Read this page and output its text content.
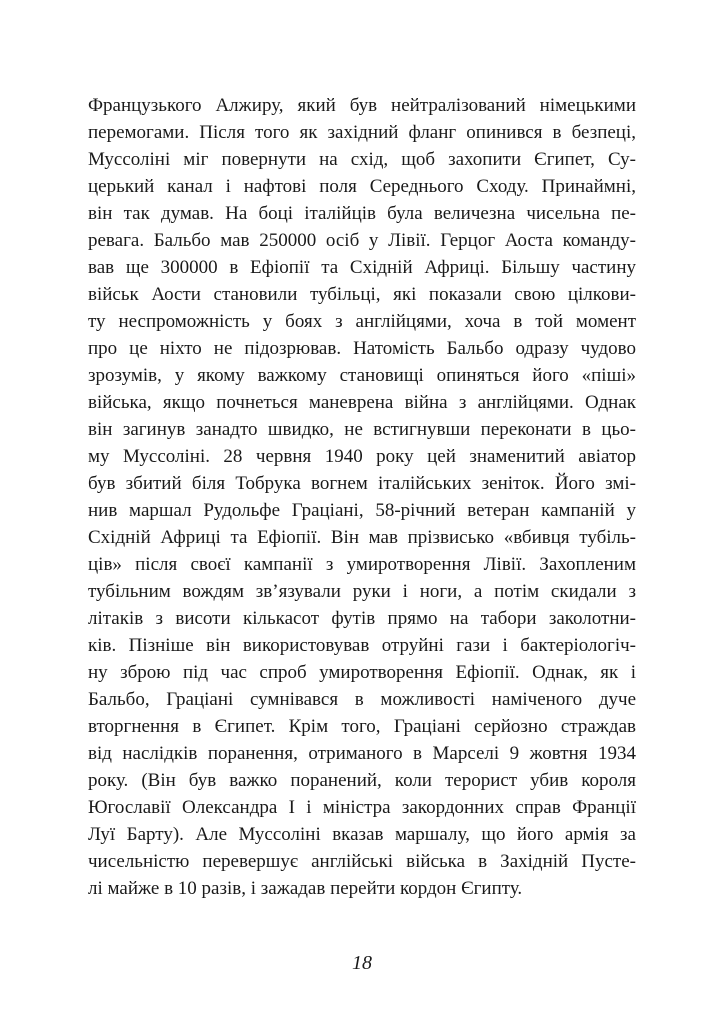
Французького Алжиру, який був нейтралізований німецькими
перемогами. Після того як західний фланг опинився в безпеці,
Муссоліні міг повернути на схід, щоб захопити Єгипет, Су-
церький канал і нафтові поля Середнього Сходу. Принаймні,
він так думав. На боці італійців була величезна чисельна пе-
ревага. Бальбо мав 250000 осіб у Лівії. Герцог Аоста команду-
вав ще 300000 в Ефіопії та Східній Африці. Більшу частину
військ Аости становили тубільці, які показали свою цілкови-
ту неспроможність у боях з англійцями, хоча в той момент
про це ніхто не підозрював. Натомість Бальбо одразу чудово
зрозумів, у якому важкому становищі опиняться його «піші»
війська, якщо почнеться маневрена війна з англійцями. Однак
він загинув занадто швидко, не встигнувши переконати в цьо-
му Муссоліні. 28 червня 1940 року цей знаменитий авіатор
був збитий біля Тобрука вогнем італійських зеніток. Його змі-
нив маршал Рудольфе Граціані, 58-річний ветеран кампаній у
Східній Африці та Ефіопії. Він мав прізвисько «вбивця тубіль-
ців» після своєї кампанії з умиротворення Лівії. Захопленим
тубільним вождям зв’язували руки і ноги, а потім скидали з
літаків з висоти кількасот футів прямо на табори заколотни-
ків. Пізніше він використовував отруйні гази і бактеріологіч-
ну зброю під час спроб умиротворення Ефіопії. Однак, як і
Бальбо, Граціані сумнівався в можливості наміченого дуче
вторгнення в Єгипет. Крім того, Граціані серйозно страждав
від наслідків поранення, отриманого в Марселі 9 жовтня 1934
року. (Він був важко поранений, коли терорист убив короля
Югославії Олександра І і міністра закордонних справ Франції
Луї Барту). Але Муссоліні вказав маршалу, що його армія за
чисельністю перевершує англійські війська в Західній Пусте-
лі майже в 10 разів, і зажадав перейти кордон Єгипту.
18
